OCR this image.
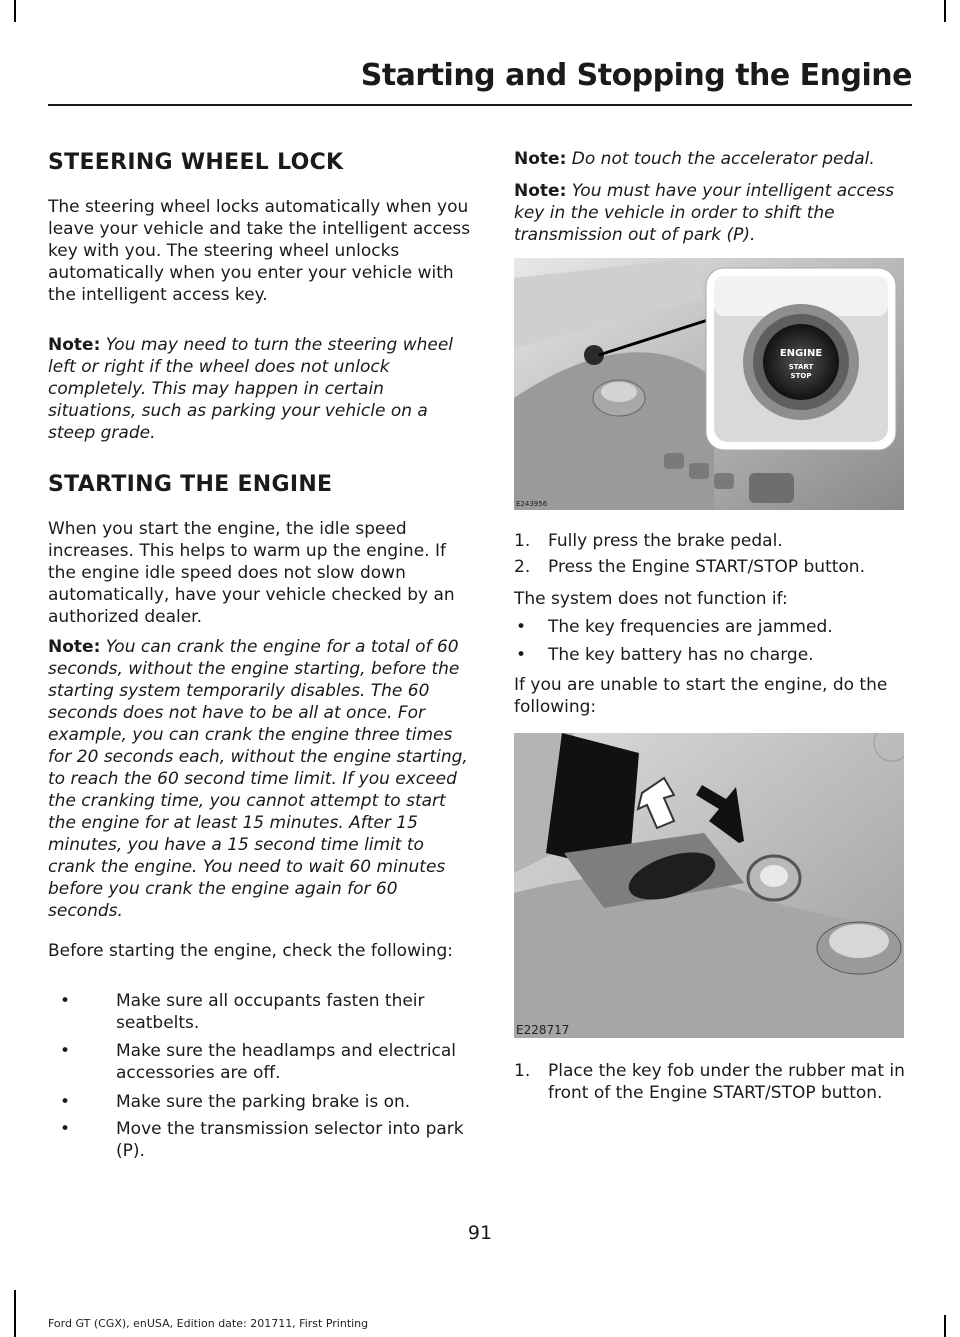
Starting and Stopping the Engine
STEERING WHEEL LOCK

The steering wheel locks automatically when you leave your vehicle and take the intelligent access key with you. The steering wheel unlocks automatically when you enter your vehicle with the intelligent access key.

Note: You may need to turn the steering wheel left or right if the wheel does not unlock completely. This may happen in certain situations, such as parking your vehicle on a steep grade.

STARTING THE ENGINE

When you start the engine, the idle speed increases. This helps to warm up the engine. If the engine idle speed does not slow down automatically, have your vehicle checked by an authorized dealer.

Note: You can crank the engine for a total of 60 seconds, without the engine starting, before the starting system temporarily disables. The 60 seconds does not have to be all at once. For example, you can crank the engine three times for 20 seconds each, without the engine starting, to reach the 60 second time limit. If you exceed the cranking time, you cannot attempt to start the engine for at least 15 minutes. After 15 minutes, you have a 15 second time limit to crank the engine. You need to wait 60 minutes before you crank the engine again for 60 seconds.

Before starting the engine, check the following:

•	Make sure all occupants fasten their seatbelts.
•	Make sure the headlamps and electrical accessories are off.
•	Make sure the parking brake is on.
•	Move the transmission selector into park (P).

Note: Do not touch the accelerator pedal.

Note: You must have your intelligent access key in the vehicle in order to shift the transmission out of park (P).

ENGINE
START
STOP
E243956
1. Fully press the brake pedal.
2. Press the Engine START/STOP button.

The system does not function if:

• The key frequencies are jammed.
• The key battery has no charge.

If you are unable to start the engine, do the following:

E228717
1. Place the key fob under the rubber mat in front of the Engine START/STOP button.
91
Ford GT (CGX), enUSA, Edition date: 201711, First Printing
